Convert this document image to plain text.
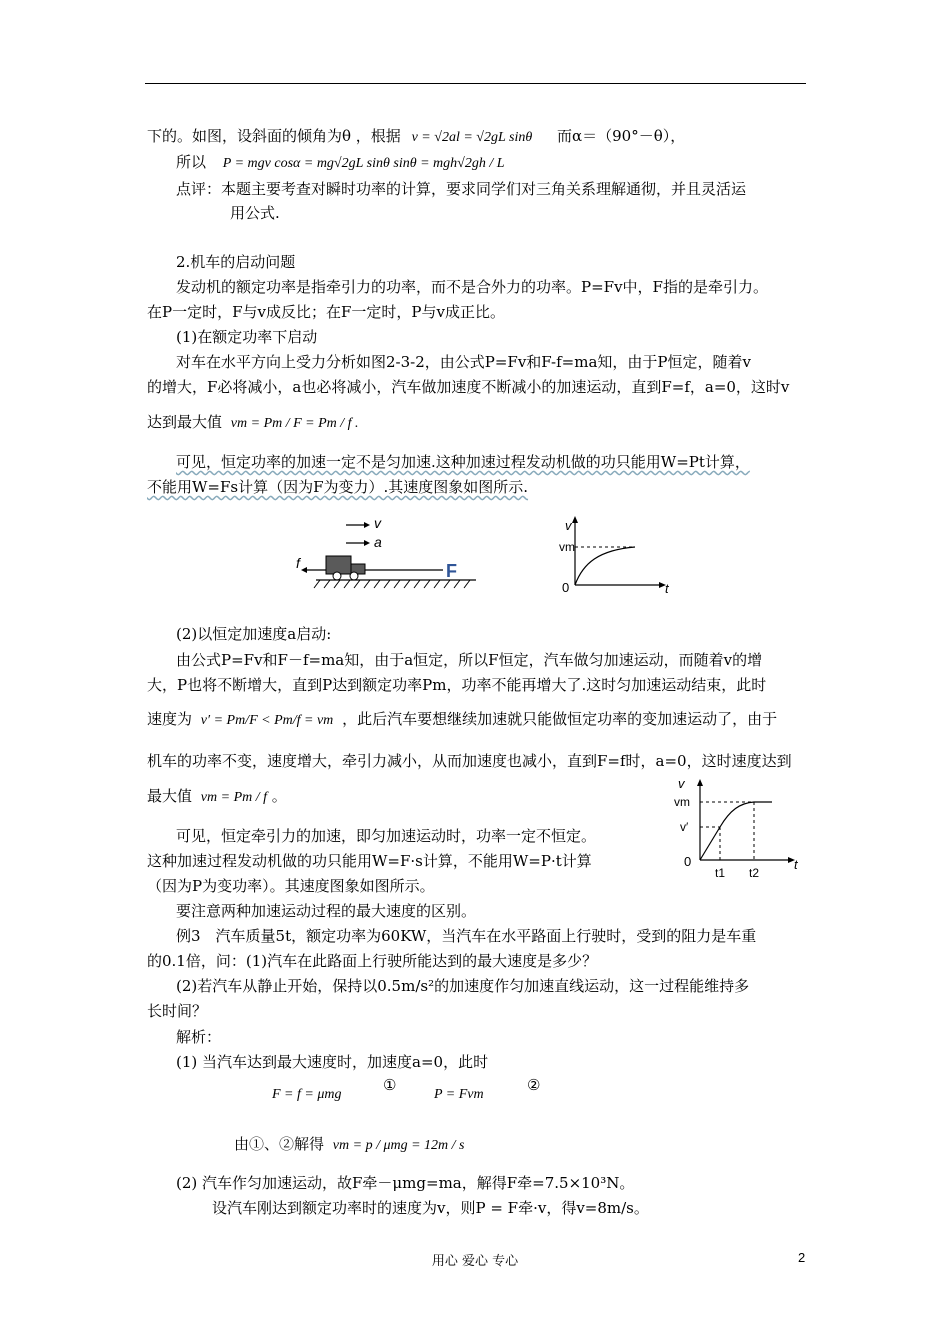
下的。如图，设斜面的倾角为θ ，根据 v = √2al = √2gL sinθ 而α＝（90°－θ），
所以 P = mgv cosα = mg√2gL sinθ sinθ = mgh√2gh / L
点评：本题主要考查对瞬时功率的计算，要求同学们对三角关系理解通彻，并且灵活运
用公式.
2.机车的启动问题
发动机的额定功率是指牵引力的功率，而不是合外力的功率。P=Fv中，F指的是牵引力。
在P一定时，F与v成反比；在F一定时，P与v成正比。
(1)在额定功率下启动
对车在水平方向上受力分析如图2-3-2，由公式P=Fv和F-f=ma知，由于P恒定，随着v
的增大，F必将减小，a也必将减小，汽车做加速度不断减小的加速运动，直到F=f，a=0，这时v
达到最大值 vm = Pm / F = Pm / f .
可见，恒定功率的加速一定不是匀加速.这种加速过程发动机做的功只能用W=Pt计算，
不能用W=Fs计算（因为F为变力）.其速度图象如图所示.
v
a
f	F
v
vm
0	t
(2)以恒定加速度a启动:
由公式P=Fv和F－f=ma知，由于a恒定，所以F恒定，汽车做匀加速运动，而随着v的增
大，P也将不断增大，直到P达到额定功率Pm，功率不能再增大了.这时匀加速运动结束，此时
速度为 v′ = Pm/F < Pm/f = vm ，此后汽车要想继续加速就只能做恒定功率的变加速运动了，由于
机车的功率不变，速度增大，牵引力减小，从而加速度也减小，直到F=f时，a=0，这时速度达到
最大值 vm = Pm / f 。
可见，恒定牵引力的加速，即匀加速运动时，功率一定不恒定。
这种加速过程发动机做的功只能用W=F·s计算，不能用W=P·t计算
（因为P为变功率）。其速度图象如图所示。
要注意两种加速运动过程的最大速度的区别。
v
vm
v′
0	t
t1 t2
例3　汽车质量5t，额定功率为60KW，当汽车在水平路面上行驶时，受到的阻力是车重
的0.1倍，问：(1)汽车在此路面上行驶所能达到的最大速度是多少？
(2)若汽车从静止开始，保持以0.5m/s²的加速度作匀加速直线运动，这一过程能维持多
长时间？
解析：
(1) 当汽车达到最大速度时，加速度a=0，此时
F = f = μmg
①
P = Fvm
②
由①、②解得 vm = p / μmg = 12m / s
(2) 汽车作匀加速运动，故F牵－μmg=ma，解得F牵=7.5×10³N。
设汽车刚达到额定功率时的速度为v，则P = F牵·v，得v=8m/s。
用心 爱心 专心	2
